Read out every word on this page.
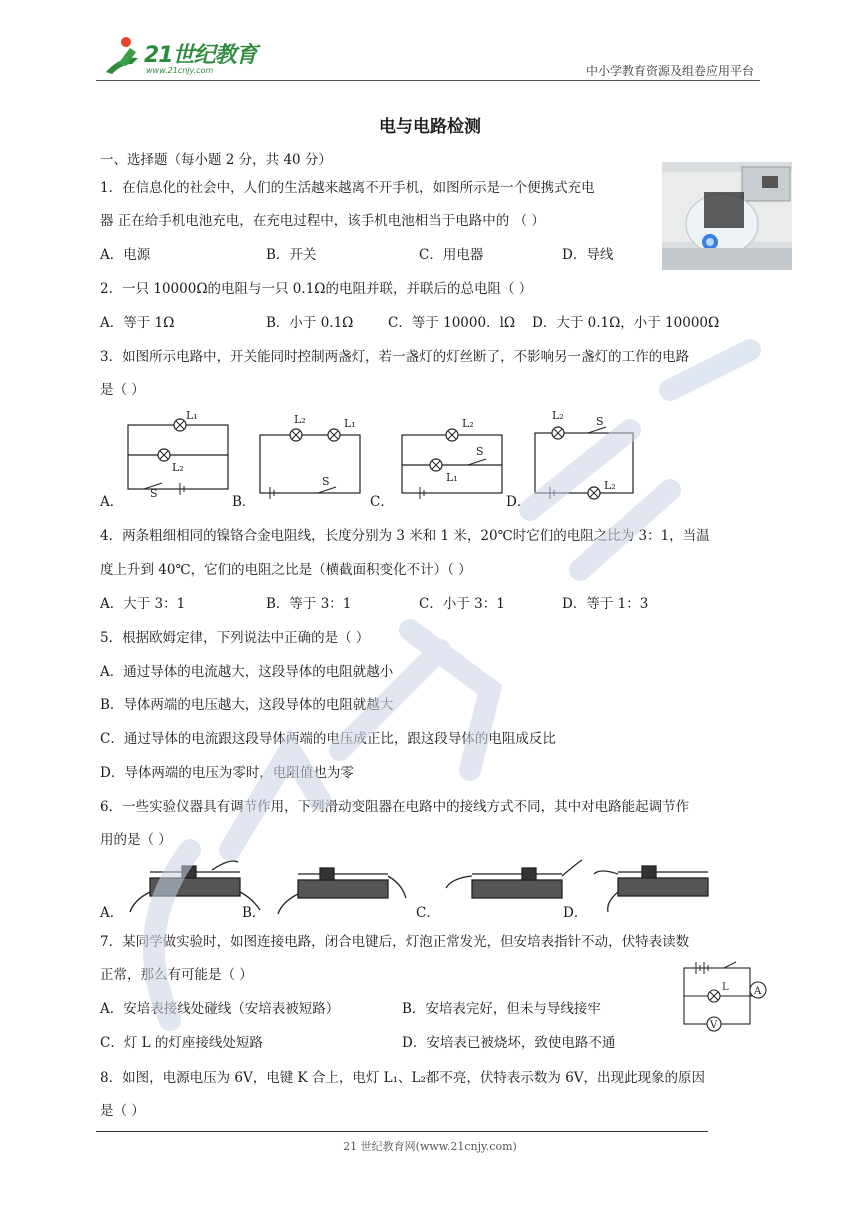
21世纪教育
www.21cnjy.com	中小学教育资源及组卷应用平台
电与电路检测
一、选择题（每小题 2 分，共 40 分）
1．在信息化的社会中，人们的生活越来越离不开手机，如图所示是一个便携式充电
器 正在给手机电池充电，在充电过程中，该手机电池相当于电路中的 （ ）
A．电源	B．开关	C．用电器	D．导线
2．一只 10000Ω的电阻与一只 0.1Ω的电阻并联，并联后的总电阻（ ）
A．等于 1Ω	B．小于 0.1Ω	C．等于 10000．lΩ D．大于 0.1Ω，小于 10000Ω
3．如图所示电路中，开关能同时控制两盏灯，若一盏灯的灯丝断了，不影响另一盏灯的工作的电路
是（ ）
L₁
L₂
S
L₂	L₁
S
L₂
L₁
S
L₂	S
L₂
A．	B．	C．	D．
4．两条粗细相同的镍铬合金电阻线，长度分别为 3 米和 1 米，20℃时它们的电阻之比为 3：1，当温
度上升到 40℃，它们的电阻之比是（横截面积变化不计）（ ）
A．大于 3：1	B．等于 3：1	C．小于 3：1	D．等于 1：3
5．根据欧姆定律，下列说法中正确的是（ ）
A．通过导体的电流越大，这段导体的电阻就越小
B．导体两端的电压越大，这段导体的电阻就越大
C．通过导体的电流跟这段导体两端的电压成正比，跟这段导体的电阻成反比
D．导体两端的电压为零时，电阻值也为零
6．一些实验仪器具有调节作用，下列滑动变阻器在电路中的接线方式不同，其中对电路能起调节作
用的是（ ）
A．	B．	C．	D．
7．某同学做实验时，如图连接电路，闭合电键后，灯泡正常发光，但安培表指针不动，伏特表读数
正常，那么有可能是（ ）
A．安培表接线处碰线（安培表被短路）	B．安培表完好，但未与导线接牢
C．灯 L 的灯座接线处短路	D．安培表已被烧坏，致使电路不通
L	A
V
8．如图，电源电压为 6V，电键 K 合上，电灯 L₁、L₂都不亮，伏特表示数为 6V，出现此现象的原因
是（ ）
21 世纪教育网(www.21cnjy.com)
